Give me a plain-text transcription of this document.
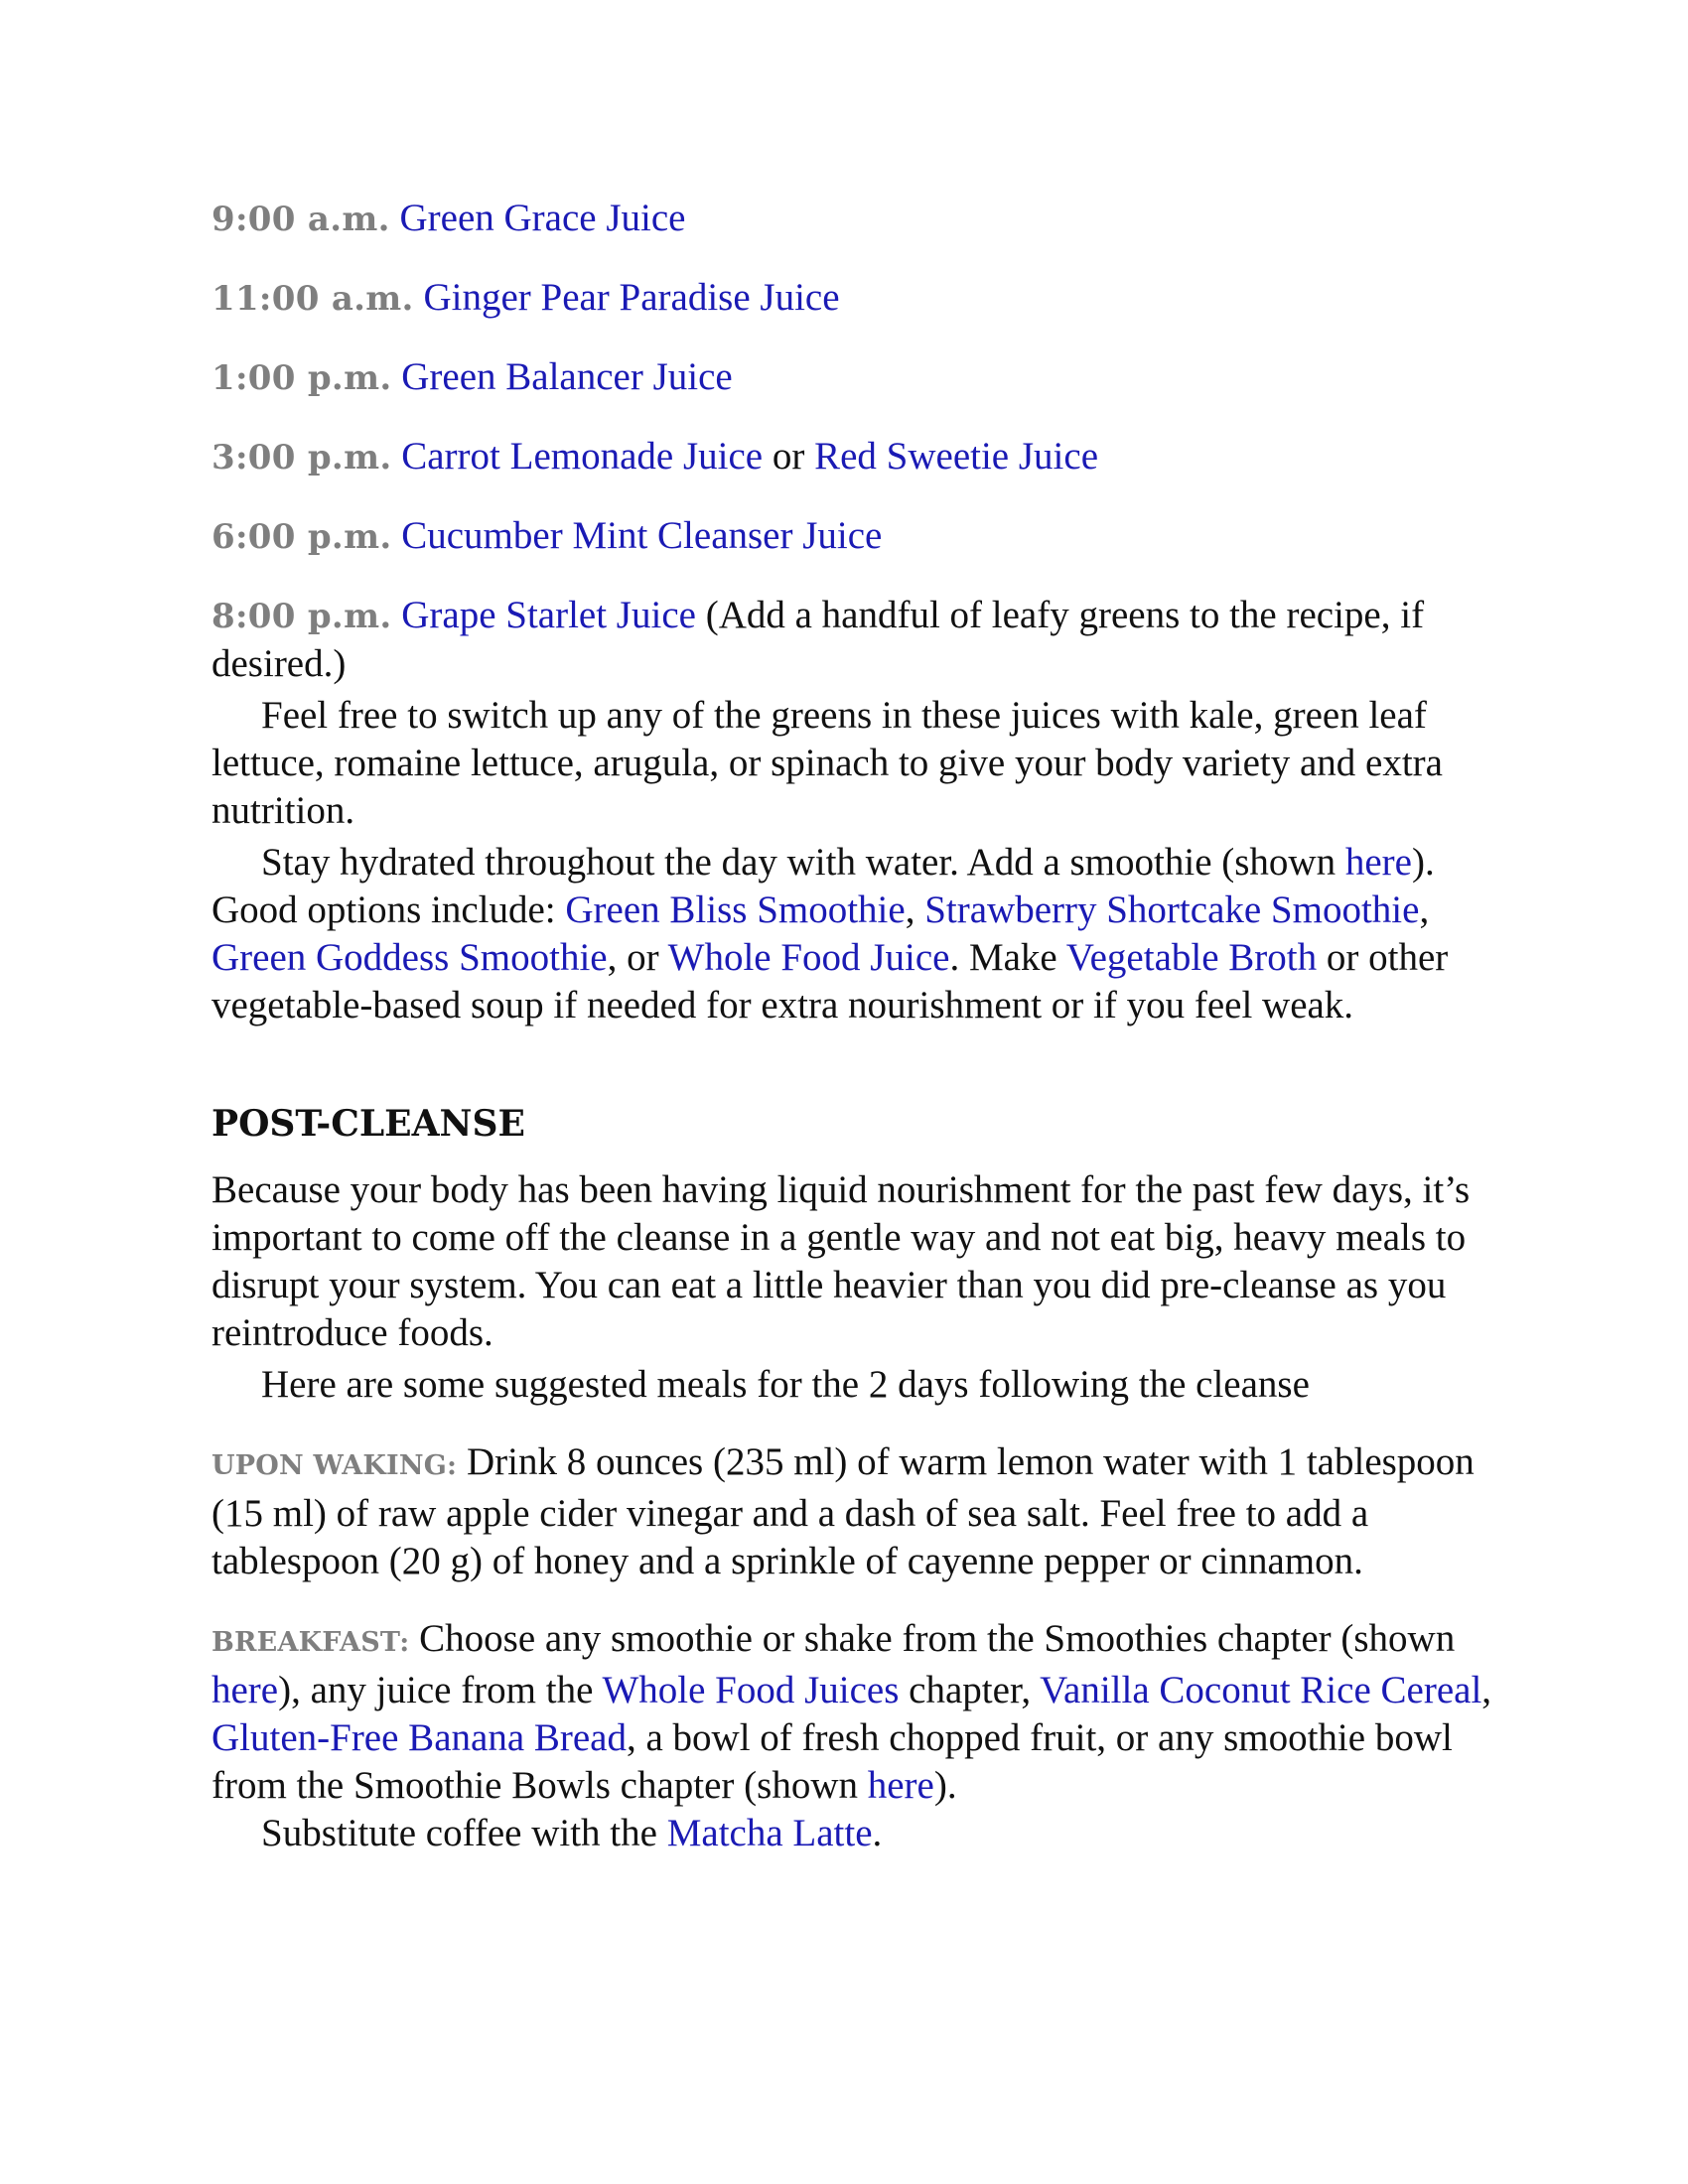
9:00 a.m. Green Grace Juice
11:00 a.m. Ginger Pear Paradise Juice
1:00 p.m. Green Balancer Juice
3:00 p.m. Carrot Lemonade Juice or Red Sweetie Juice
6:00 p.m. Cucumber Mint Cleanser Juice
8:00 p.m. Grape Starlet Juice (Add a handful of leafy greens to the recipe, if desired.)

Feel free to switch up any of the greens in these juices with kale, green leaf lettuce, romaine lettuce, arugula, or spinach to give your body variety and extra nutrition.

Stay hydrated throughout the day with water. Add a smoothie (shown here). Good options include: Green Bliss Smoothie, Strawberry Shortcake Smoothie, Green Goddess Smoothie, or Whole Food Juice. Make Vegetable Broth or other vegetable-based soup if needed for extra nourishment or if you feel weak.

POST-CLEANSE

Because your body has been having liquid nourishment for the past few days, it’s important to come off the cleanse in a gentle way and not eat big, heavy meals to disrupt your system. You can eat a little heavier than you did pre-cleanse as you reintroduce foods.

Here are some suggested meals for the 2 days following the cleanse

UPON WAKING: Drink 8 ounces (235 ml) of warm lemon water with 1 tablespoon (15 ml) of raw apple cider vinegar and a dash of sea salt. Feel free to add a tablespoon (20 g) of honey and a sprinkle of cayenne pepper or cinnamon.

BREAKFAST: Choose any smoothie or shake from the Smoothies chapter (shown here), any juice from the Whole Food Juices chapter, Vanilla Coconut Rice Cereal, Gluten-Free Banana Bread, a bowl of fresh chopped fruit, or any smoothie bowl from the Smoothie Bowls chapter (shown here).

Substitute coffee with the Matcha Latte.
